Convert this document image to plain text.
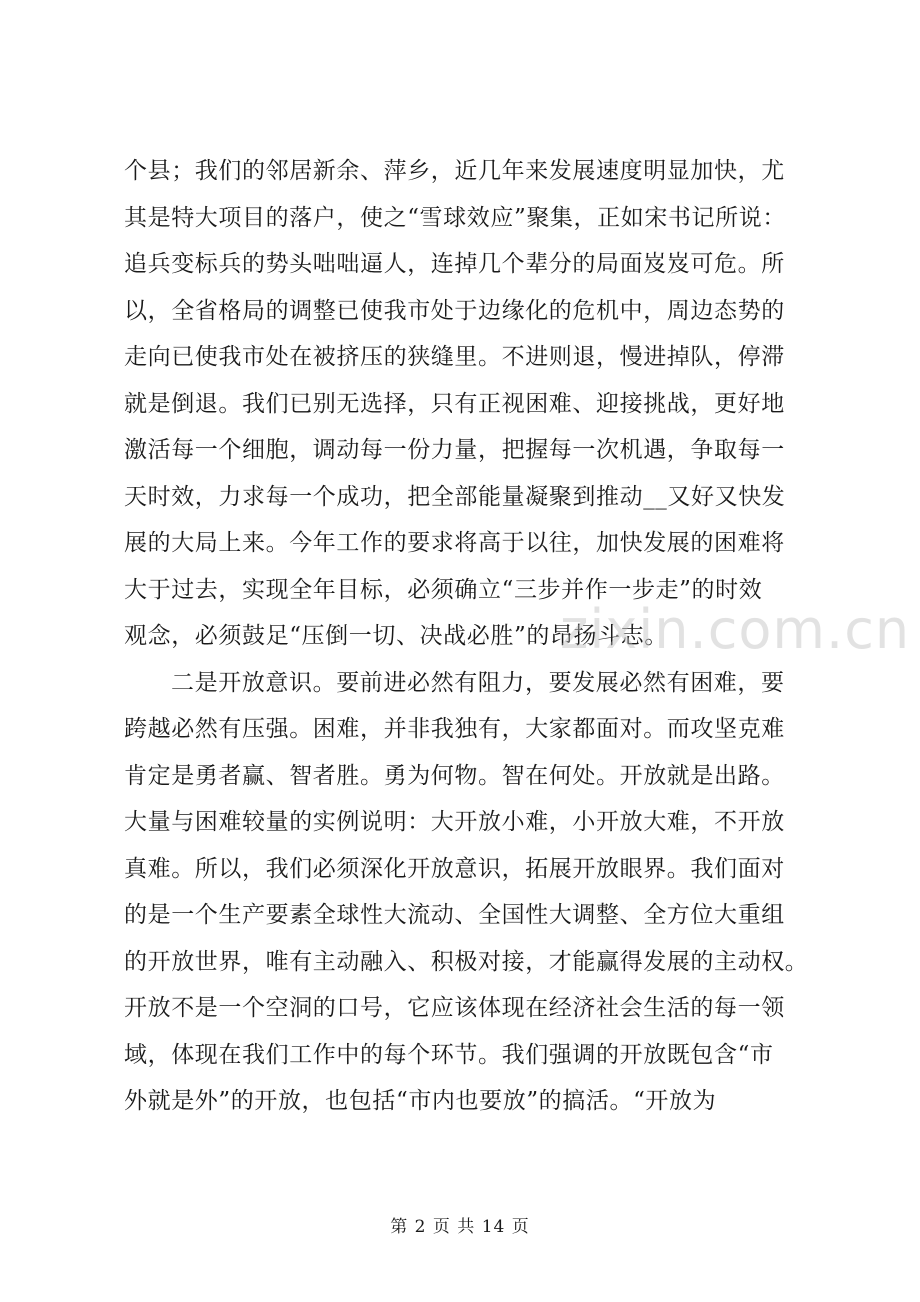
个县；我们的邻居新余、萍乡，近几年来发展速度明显加快，尤
其是特大项目的落户，使之“雪球效应”聚集，正如宋书记所说：
追兵变标兵的势头咄咄逼人，连掉几个辈分的局面岌岌可危。所
以，全省格局的调整已使我市处于边缘化的危机中，周边态势的
走向已使我市处在被挤压的狭缝里。不进则退，慢进掉队，停滞
就是倒退。我们已别无选择，只有正视困难、迎接挑战，更好地
激活每一个细胞，调动每一份力量，把握每一次机遇，争取每一
天时效，力求每一个成功，把全部能量凝聚到推动__又好又快发
展的大局上来。今年工作的要求将高于以往，加快发展的困难将
大于过去，实现全年目标，必须确立“三步并作一步走”的时效
观念，必须鼓足“压倒一切、决战必胜”的昂扬斗志。
二是开放意识。要前进必然有阻力，要发展必然有困难，要
跨越必然有压强。困难，并非我独有，大家都面对。而攻坚克难
肯定是勇者赢、智者胜。勇为何物。智在何处。开放就是出路。
大量与困难较量的实例说明：大开放小难，小开放大难，不开放
真难。所以，我们必须深化开放意识，拓展开放眼界。我们面对
的是一个生产要素全球性大流动、全国性大调整、全方位大重组
的开放世界，唯有主动融入、积极对接，才能赢得发展的主动权。
开放不是一个空洞的口号，它应该体现在经济社会生活的每一领
域，体现在我们工作中的每个环节。我们强调的开放既包含“市
外就是外”的开放，也包括“市内也要放”的搞活。“开放为
zixin.com.cn
第 2 页 共 14 页
